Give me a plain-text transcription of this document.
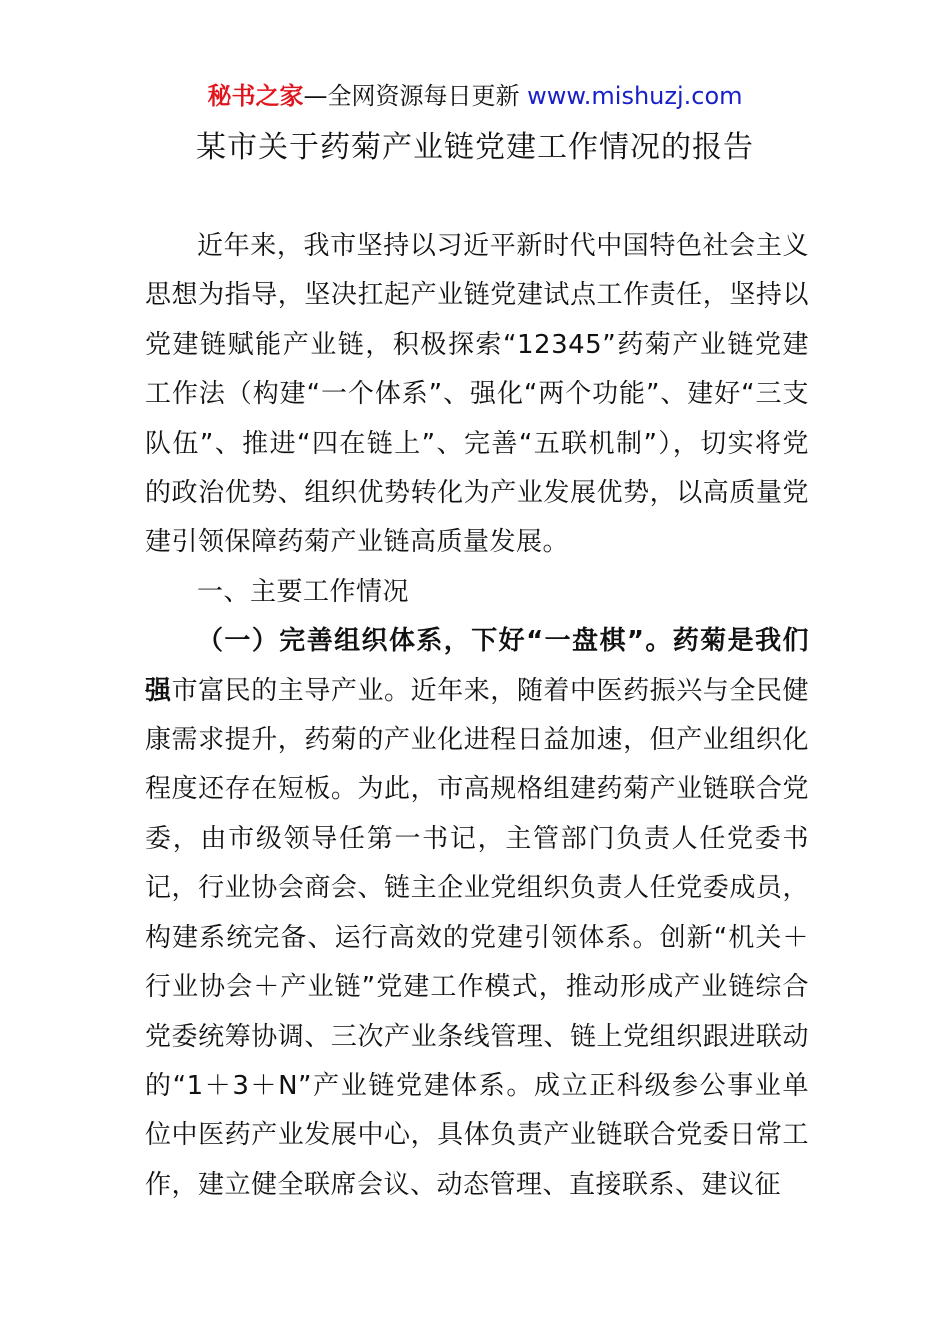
秘书之家—全网资源每日更新 www.mishuzj.com
某市关于药菊产业链党建工作情况的报告

近年来，我市坚持以习近平新时代中国特色社会主义思想为指导，坚决扛起产业链党建试点工作责任，坚持以党建链赋能产业链，积极探索“12345”药菊产业链党建工作法（构建“一个体系”、强化“两个功能”、建好“三支队伍”、推进“四在链上”、完善“五联机制”），切实将党的政治优势、组织优势转化为产业发展优势，以高质量党建引领保障药菊产业链高质量发展。

一、主要工作情况

（一）完善组织体系，下好“一盘棋”。药菊是我们强市富民的主导产业。近年来，随着中医药振兴与全民健康需求提升，药菊的产业化进程日益加速，但产业组织化程度还存在短板。为此，市高规格组建药菊产业链联合党委，由市级领导任第一书记，主管部门负责人任党委书记，行业协会商会、链主企业党组织负责人任党委成员，构建系统完备、运行高效的党建引领体系。创新“机关＋行业协会＋产业链”党建工作模式，推动形成产业链综合党委统筹协调、三次产业条线管理、链上党组织跟进联动的“1＋3＋N”产业链党建体系。成立正科级参公事业单位中医药产业发展中心，具体负责产业链联合党委日常工作，建立健全联席会议、动态管理、直接联系、建议征
